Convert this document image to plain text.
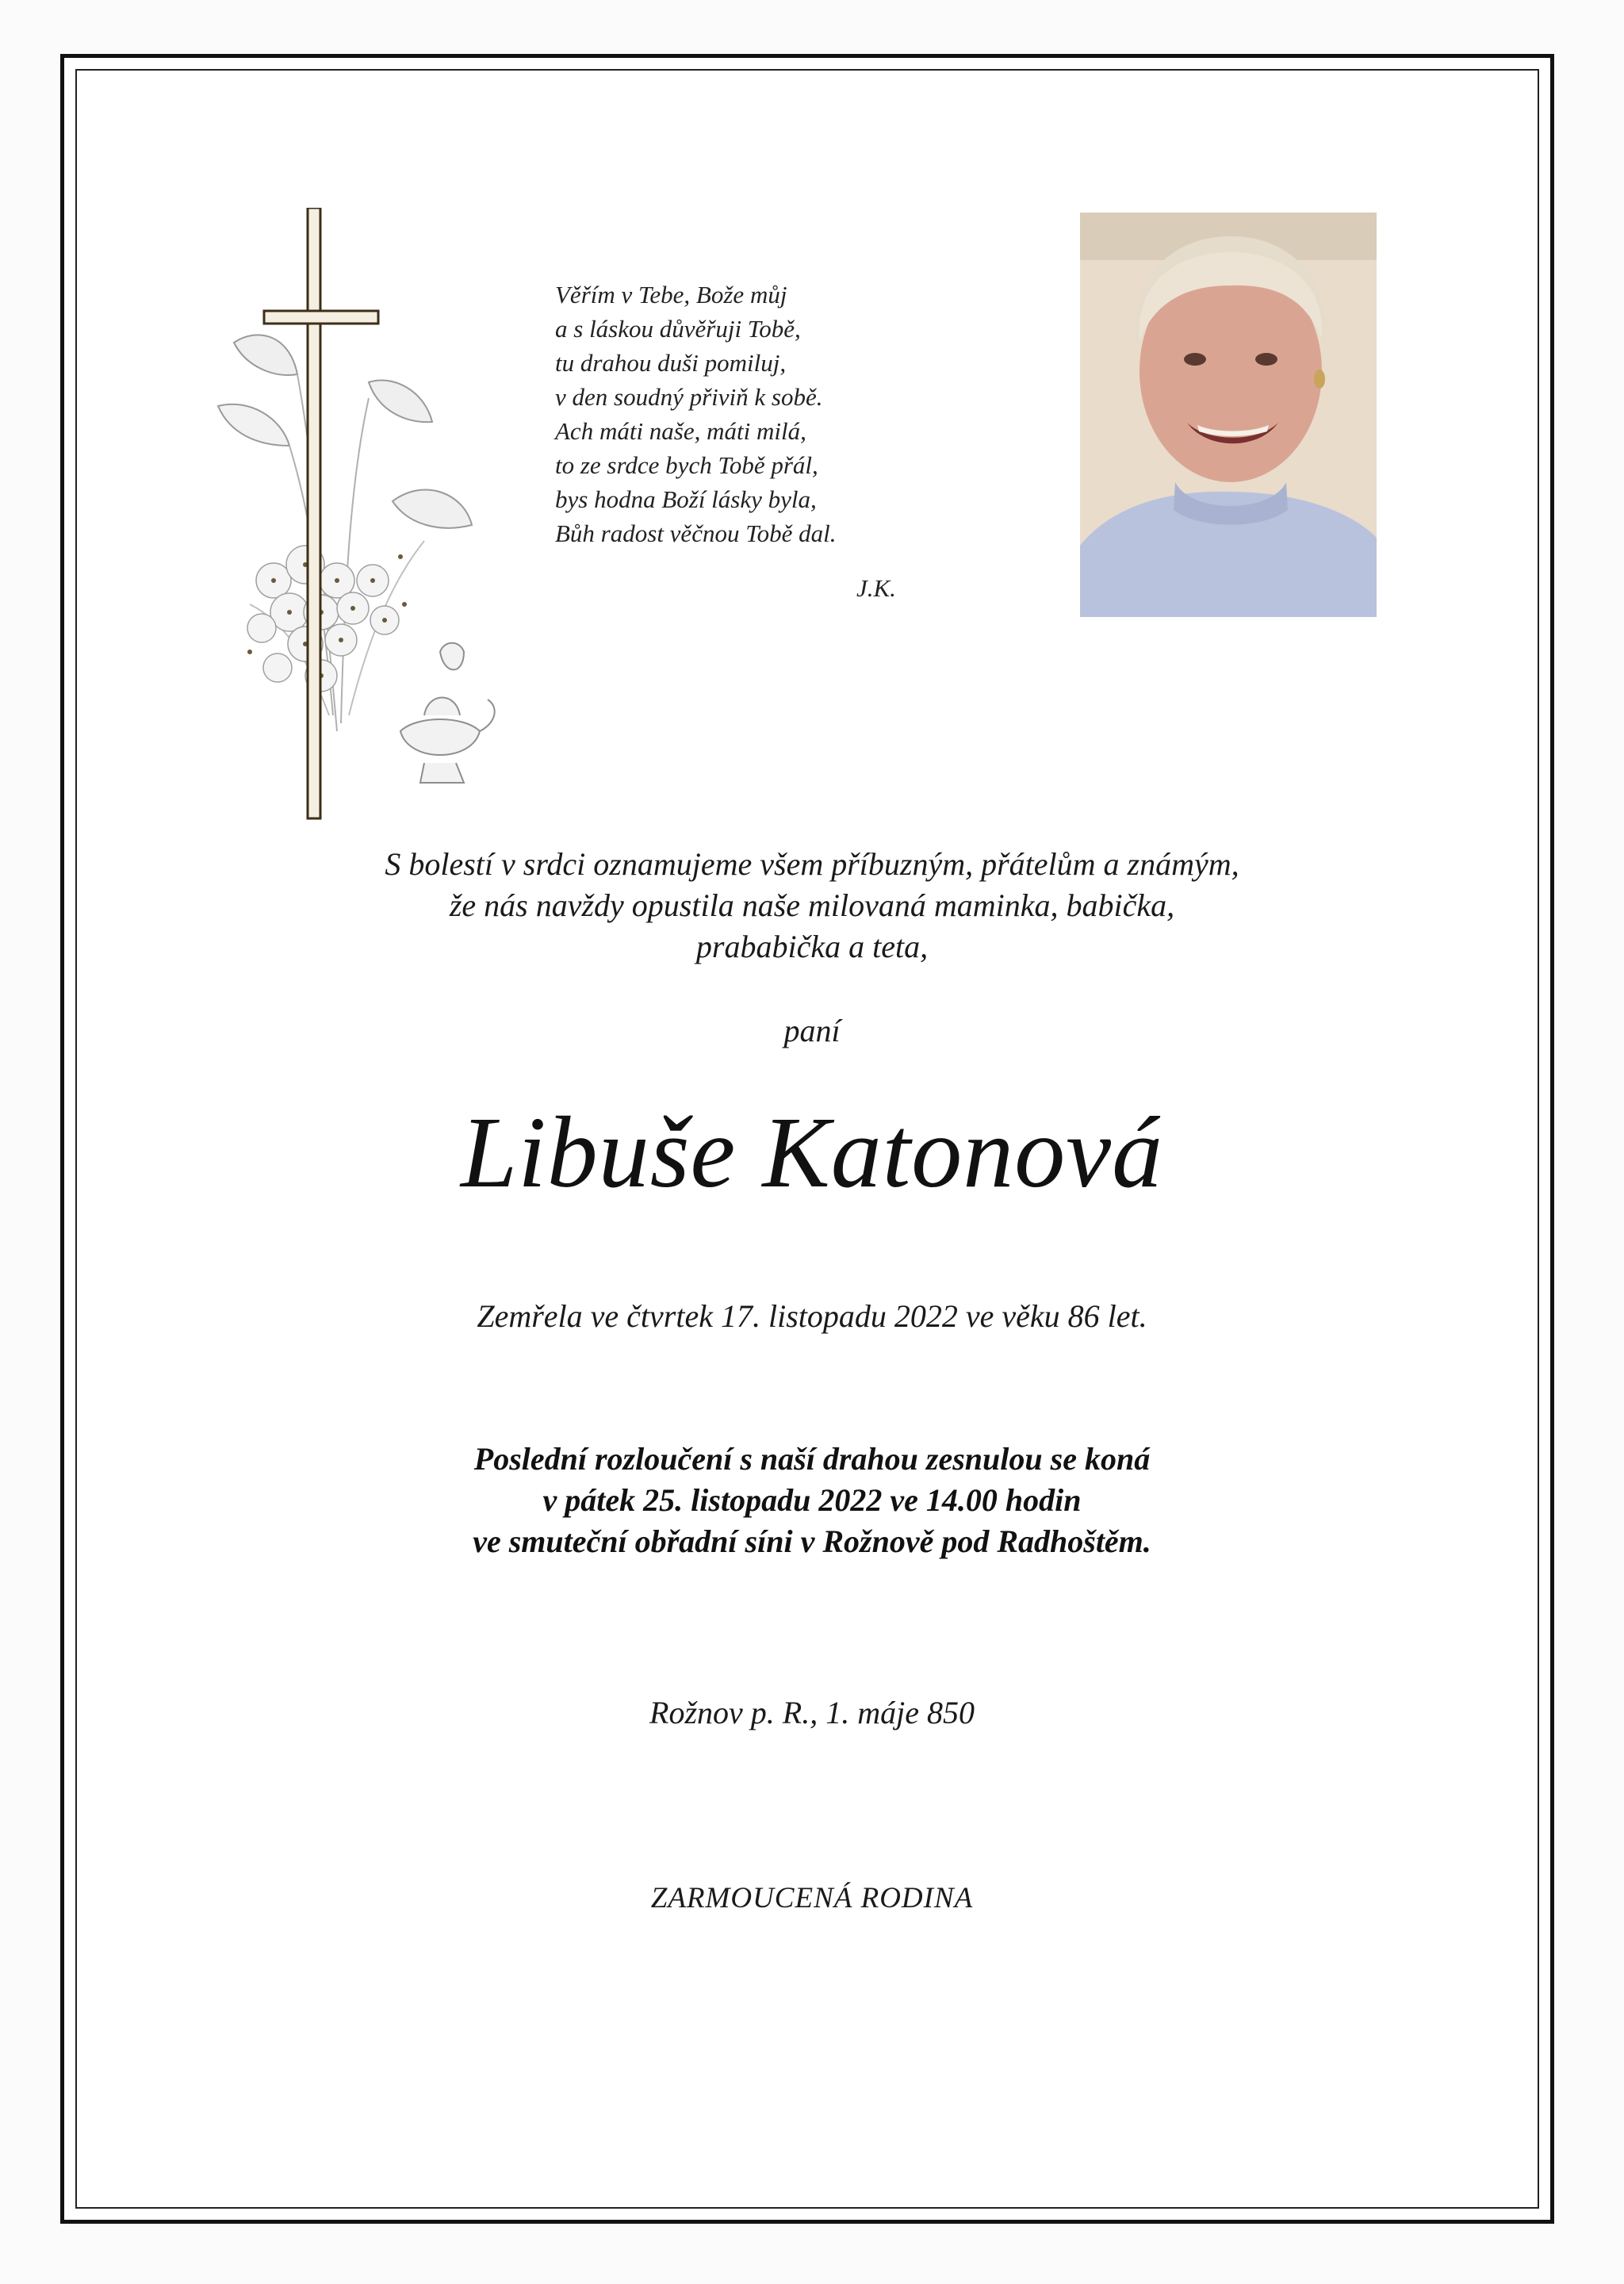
Věřím v Tebe, Bože můj
a s láskou důvěřuji Tobě,
tu drahou duši pomiluj,
v den soudný přiviň k sobě.
Ach máti naše, máti milá,
to ze srdce bych Tobě přál,
bys hodna Boží lásky byla,
Bůh radost věčnou Tobě dal.
J.K.
S bolestí v srdci oznamujeme všem příbuzným, přátelům a známým,
že nás navždy opustila naše milovaná maminka, babička,
prababička a teta,
paní
Libuše Katonová
Zemřela ve čtvrtek 17. listopadu 2022 ve věku 86 let.
Poslední rozloučení s naší drahou zesnulou se koná
v pátek 25. listopadu 2022 ve 14.00 hodin
ve smuteční obřadní síni v Rožnově pod Radhoštěm.
Rožnov p. R., 1. máje 850
ZARMOUCENÁ RODINA
